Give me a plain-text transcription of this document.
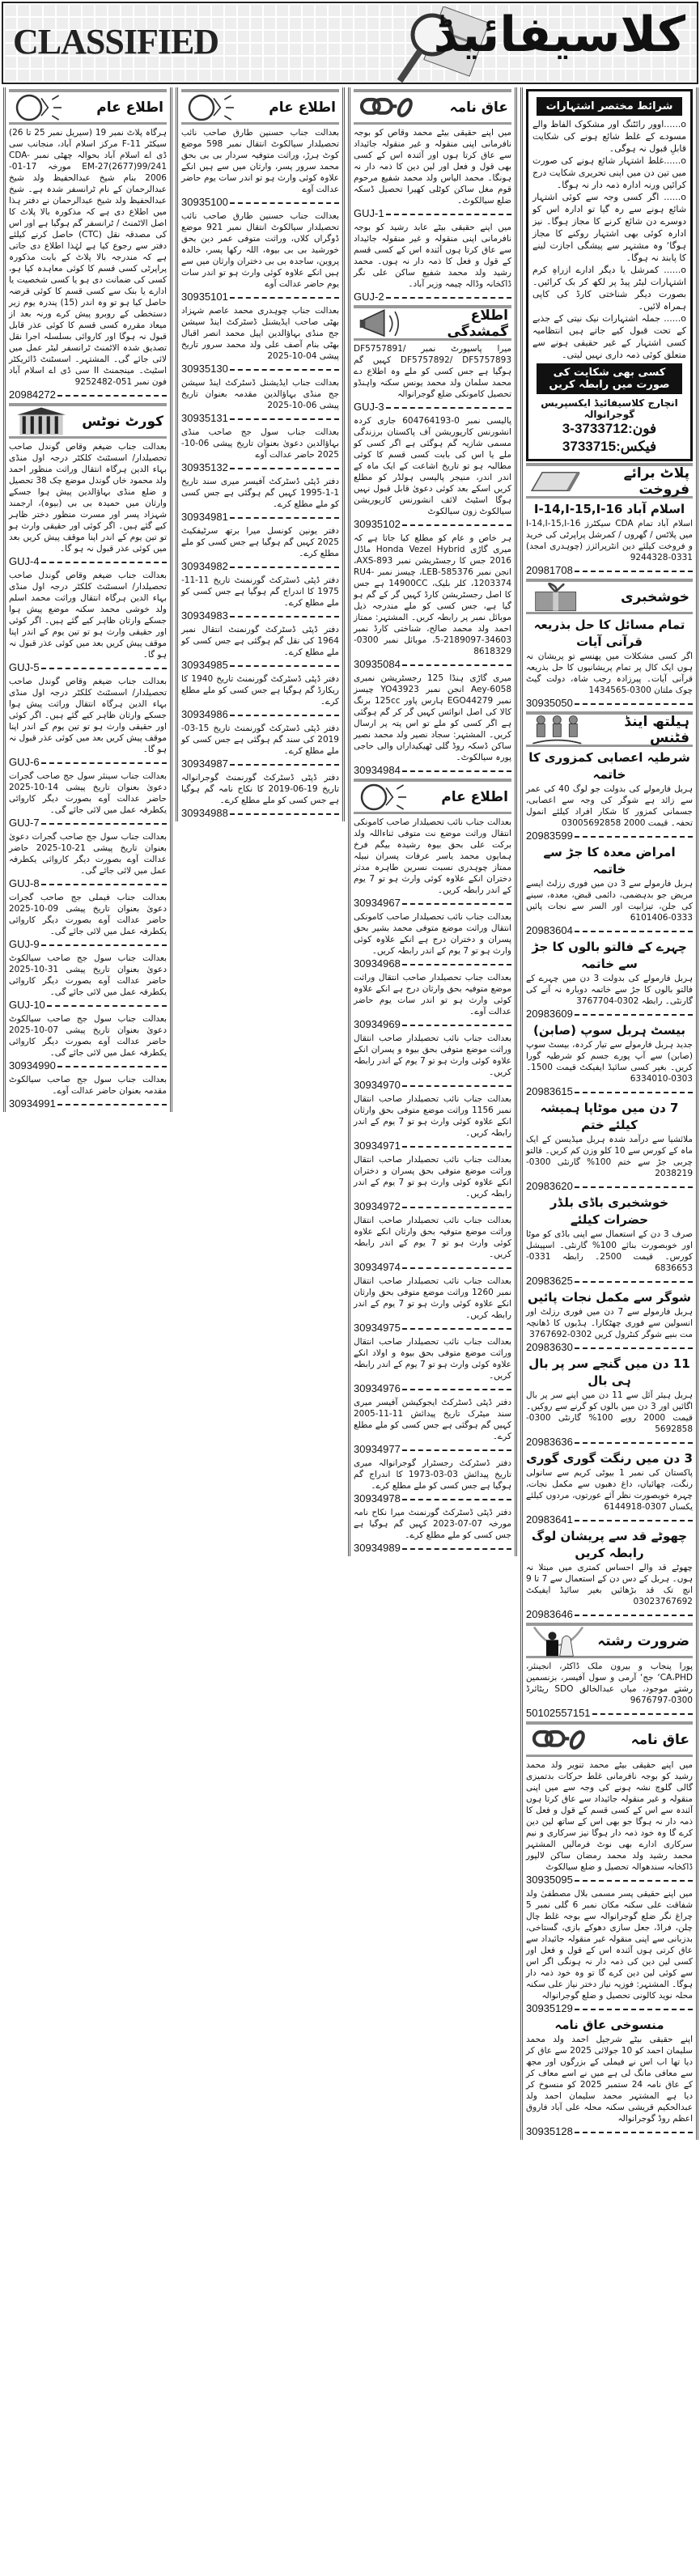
CLASSIFIED	کلاسیفائیڈ
شرائط مختصر اشتہارات
o......اوور رائٹنگ اور مشکوک الفاظ والے مسودے کے غلط شائع ہونے کی شکایت قابلِ قبول نہ ہوگی۔
o......غلط اشتہار شائع ہونے کی صورت میں تین دن میں اپنی تحریری شکایت درج کرائیں ورنہ ادارہ ذمہ دار نہ ہوگا۔
o...... اگر کسی وجہ سے کوئی اشتہار شائع ہونے سے رہ گیا تو ادارہ اس کو دوسرے دن شائع کرنے کا مجاز ہوگا۔ نیز ادارہ کوئی بھی اشتہار روکنے کا مجاز ہوگا‘ وہ مشتہر سے پیشگی اجازت لینے کا پابند نہ ہوگا۔
o...... کمرشل یا دیگر ادارے ازراہِ کرم اشتہارات لیٹر پیڈ پر لکھ کر بک کرائیں۔ بصورت دیگر شناختی کارڈ کی کاپی ہمراہ لائیں۔
o...... جملہ اشتہارات نیک نیتی کے جذبے کے تحت قبول کیے جاتے ہیں انتظامیہ کسی اشتہار کے غیر حقیقی ہونے سے متعلق کوئی ذمہ داری نہیں لیتی۔
کسی بھی شکایت کی صورت میں رابطہ کریں
انچارج کلاسیفائیڈ ایکسپریس گوجرانوالہ
فون:3733712-3
فیکس:3733715
پلاٹ برائے فروخت
اسلام آباد I-14,I-15,I-16
اسلام آباد تمام CDA سیکٹرز I-14,I-15,I-16 میں پلاٹس / گھروں / کمرشل پراپرٹی کی خرید و فروخت کیلئے دین انٹرپرائزز (چوہدری امجد) 0331-9244328
20981708
خوشخبری
تمام مسائل کا حل بذریعہ قرآنی آیات
اگر کسی مشکلات میں پھنسے تو پریشان نہ ہوں ایک کال پر تمام پریشانیوں کا حل بذریعہ قرآنی آیات۔ پیرزادہ رجب شاہ، دولت گیٹ چوک ملتان 0300-1434565
30935050
ہیلتھ اینڈ فٹنس
شرطیہ اعصابی کمزوری کا خاتمہ
ہربل فارمولے کی بدولت جو لوگ 40 کی عمر سے زائد ہے شوگر کی وجہ سے اعصابی، جسمانی کمزور کا شکار افراد کیلئے انمول تحفہ۔ قیمت 2000 03005692858
20983599
امراض معدہ کا جڑ سے خاتمہ
ہربل فارمولے سے 3 دن میں فوری رزلٹ ایسے مریض جو بدہضمی، دائمی قبض، معدہ، سینے کی جلن، تیزابیت اور السر سے نجات پائیں 0333-6101406
20983604
چہرے کے فالتو بالوں کا جڑ سے خاتمہ
ہربل فارمولے کی بدولت 3 دن میں چہرے کے فالتو بالوں کا جڑ سے خاتمہ دوبارہ نہ آنے کی گارنٹی۔ رابطہ 0302-3767704
20983609
بیسٹ ہربل سوپ (صابن)
جدید ہربل فارمولے سے تیار کردہ، بیسٹ سوپ (صابن) سے آپ پورے جسم کو شرطیہ گورا کریں۔ بغیر کسی سائیڈ ایفیکٹ قیمت 1500۔ 0303-6334010
20983615
7 دن میں موٹاپا ہمیشہ کیلئے ختم
ملائشیا سے درآمد شدہ ہربل میڈیسن کے ایک ماہ کے کورس سے 10 کلو وزن کم کریں۔ فالتو چربی جڑ سے ختم 100% گارنٹی 0300-2038219
20983620
خوشخبری باڈی بلڈر حضرات کیلئے
صرف 3 دن کے استعمال سے اپنی باڈی کو موٹا اور خوبصورت بنائے 100% گارنٹی۔ اسپیشل کورس۔ قیمت 2500۔ رابطہ 0331-6836653
20983625
شوگر سے مکمل نجات پائیں
ہربل فارمولے سے 7 دن میں فوری رزلٹ اور انسولین سے فوری چھٹکارا۔ ہڈیوں کا ڈھانچہ مت بنیے شوگر کنٹرول کریں 0302-3767692
20983630
11 دن میں گنجے سر پر بال ہی بال
ہربل ہیئر آئل سے 11 دن میں اپنے سر پر بال اگائیں اور 3 دن میں بالوں کو گرنے سے روکیں۔ قیمت 2000 روپے 100% گارنٹی 0300-5692858
20983636
3 دن میں رنگت گوری گوری
پاکستان کی نمبر 1 بیوٹی کریم سے سانولی رنگت، چھائیاں، داغ دھبوں سے مکمل نجات، چہرہ خوبصورت نظر آئے عورتوں، مردوں کیلئے یکساں 0307-6144918
20983641
چھوٹے قد سے پریشان لوگ رابطہ کریں
چھوٹے قد والے احساس کمتری میں مبتلا نہ ہوں۔ ہربل کے دس دن کے استعمال سے 7 تا 9 انچ تک قد بڑھائیں بغیر سائیڈ ایفیکٹ 03023767692
20983646
ضرورت رشتہ
پورا پنجاب و بیرون ملک ڈاکٹر، انجینئر، CA،PHD‘ جج‘ آرمی و سول آفیسر، بزنسمین رشتے موجود، میاں عبدالخالق SDO ریٹائرڈ 0300-9676797
50102557151
عاق نامہ
میں اپنے حقیقی بیٹے محمد تنویر ولد محمد رشید کو بوجہ نافرمانی غلط حرکات بدتمیزی گالی گلوچ نشہ ہونے کی وجہ سے میں اپنی منقولہ و غیر منقولہ جائیداد سے عاق کرتا ہوں آئندہ سے اس کے کسی قسم کے قول و فعل کا ذمہ دار نہ ہوگا جو بھی اس کے ساتھ لین دین کرے گا وہ خود ذمہ دار ہوگا نیز سرکاری و نیم سرکاری ادارے بھی نوٹ فرمالیں المشتہر محمد رشید ولد محمد رمضان ساکن لالپور ڈاکخانہ سندھوالہ تحصیل و ضلع سیالکوٹ
30935095
میں اپنے حقیقی پسر مسمی بلال مصطفیٰ ولد شفاقت علی سکنہ مکان نمبر 6 گلی نمبر 5 چراغ نگر ضلع گوجرانوالہ سے بوجہ غلط چال چلن، فراڈ، جعل سازی دھوکے بازی، گستاخی، بدزبانی سے اپنی منقولہ غیر منقولہ جائیداد سے عاق کرتی ہوں آئندہ اس کے قول و فعل اور کسی لین دین کی ذمہ دار نہ ہونگی اگر اس سے کوئی لین دین کرے گا تو وہ خود ذمہ دار ہوگا۔ المشتہر: فوزیہ نیاز دختر نیاز علی سکنہ محلہ نوید کالونی تحصیل و ضلع گوجرانوالہ
30935129
منسوخی عاق نامہ
اپنے حقیقی بیٹے شرجیل احمد ولد محمد سلیمان احمد کو 10 جولائی 2025 سے عاق کر دیا تھا اب اس نے فیملی کے بزرگوں اور مجھ سے معافی مانگ لی ہے میں نے اسے معاف کر کے عاق نامہ 24 ستمبر 2025 کو منسوخ کر دیا ہے المشتہر محمد سلیمان احمد ولد عبدالحکیم قریشی سکنہ محلہ علی آباد فاروق اعظم روڈ گوجرانوالہ
30935128
عاق نامہ
میں اپنے حقیقی بیٹے محمد وقاص کو بوجہ نافرمانی اپنی منقولہ و غیر منقولہ جائیداد سے عاق کرتا ہوں اور آئندہ اس کے کسی بھی قول و فعل اور لین دین کا ذمہ دار نہ ہونگا۔ محمد الیاس ولد محمد شفیع مرحوم قوم مغل ساکن کوٹلی کھیرا تحصیل ڈسکہ ضلع سیالکوٹ۔
GUJ-1
میں اپنے حقیقی بیٹے عابد رشید کو بوجہ نافرمانی اپنی منقولہ و غیر منقولہ جائیداد سے عاق کرتا ہوں آئندہ اس کے کسی قسم کے قول و فعل کا ذمہ دار نہ ہوں۔ محمد رشید ولد محمد شفیع ساکن علی نگر ڈاکخانہ وڈالہ چیمہ وزیر آباد۔
GUJ-2
اطلاع گمشدگی
میرا پاسپورٹ نمبر DF5757891/ DF5757892/ DF5757893 کہیں گم ہوگیا ہے جس کسی کو ملے وہ اطلاع دے محمد سلمان ولد محمد یونس سکنہ واہنڈو تحصیل کامونکی ضلع گوجرانوالہ
GUJ-3
پالیسی نمبر 0-604764193 جاری کردہ انشورنس کارپوریشن آف پاکستان برزندگی مسمی شازیہ گم ہوگئی ہے اگر کسی کو ملے یا اس کی بابت کسی قسم کا کوئی مطالبہ ہو تو تاریخ اشاعت کے ایک ماہ کے اندر اندر، منیجر پالیسی ہولڈر کو مطلع کریں اسکے بعد کوئی دعویٰ قابل قبول نہیں ہوگا اسٹیٹ لائف انشورنس کارپوریشن سیالکوٹ زون سیالکوٹ
30935102
ہر خاص و عام کو مطلع کیا جاتا ہے کہ میری گاڑی Honda Vezel Hybrid ماڈل 2016 جس کا رجسٹریشن نمبر AXS-893، انجن نمبر LEB-585376، چیسز نمبر RU4-1203374، کلر بلیک، 14900CC ہے جس کا اصل رجسٹریشن کارڈ کہیں گر کے گم ہو گیا ہے، جس کسی کو ملے مندرجہ ذیل موبائل نمبر پر رابطہ کریں۔ المشتہر: ممتاز احمد ولد محمد صالح، شناختی کارڈ نمبر 34603-2189097-5، موبائل نمبر 0300-8618329
30935084
میری گاڑی ہنڈا 125 رجسٹریشن نمبری Aey-6058 انجن نمبر YO43923 چیسز نمبر EGO44279 ہارس پاور 125cc برنگ کالا کی اصل انوائس کہیں گر کر گم ہوگئی ہے اگر کسی کو ملے تو اس پتہ پر ارسال کریں۔ المشتہر: سجاد نصیر ولد محمد نصیر ساکن ڈسکہ روڈ گلی ٹھیکیداراں والی حاجی پورہ سیالکوٹ۔
30934984
اطلاع عام
بعدالت جناب نائب تحصیلدار صاحب کامونکی انتقال وراثت موضع نت متوفی ثناءاللہ ولد برکت علی بحق بیوہ رشیدہ بیگم فرخ ہمایوں محمد یاسر عرفات پسران نبیلہ ممتاز چوہدری نسبت نسرین طاہرہ مدثر دختران انکے علاوہ کوئی وارث ہو تو 7 یوم کے اندر رابطہ کریں۔
30934967
بعدالت جناب نائب تحصیلدار صاحب کامونکی انتقال وراثت موضع متوفی محمد بشیر بحق پسران و دختران درج ہے انکے علاوہ کوئی وارث ہو تو 7 یوم کے اندر رابطہ کریں۔
30934968
بعدالت جناب تحصیلدار صاحب انتقال وراثت موضع متوفیہ بحق وارثان درج ہے انکے علاوہ کوئی وارث ہو تو اندر سات یوم حاضر عدالت آوے۔
30934969
بعدالت جناب نائب تحصیلدار صاحب انتقال وراثت موضع متوفی بحق بیوہ و پسران انکے علاوہ کوئی وارث ہو تو 7 یوم کے اندر رابطہ کریں۔
30934970
بعدالت جناب نائب تحصیلدار صاحب انتقال نمبر 1156 وراثت موضع متوفی بحق وارثان انکے علاوہ کوئی وارث ہو تو 7 یوم کے اندر رابطہ کریں۔
30934971
بعدالت جناب نائب تحصیلدار صاحب انتقال وراثت موضع متوفی بحق پسران و دختران انکے علاوہ کوئی وارث ہو تو 7 یوم کے اندر رابطہ کریں۔
30934972
بعدالت جناب نائب تحصیلدار صاحب انتقال وراثت موضع متوفیہ بحق وارثان انکے علاوہ کوئی وارث ہو تو 7 یوم کے اندر رابطہ کریں۔
30934974
بعدالت جناب نائب تحصیلدار صاحب انتقال نمبر 1260 وراثت موضع متوفی بحق وارثان انکے علاوہ کوئی وارث ہو تو 7 یوم کے اندر رابطہ کریں۔
30934975
بعدالت جناب نائب تحصیلدار صاحب انتقال وراثت موضع متوفی بحق بیوہ و اولاد انکے علاوہ کوئی وارث ہو تو 7 یوم کے اندر رابطہ کریں۔
30934976
دفتر ڈپٹی ڈسٹرکٹ ایجوکیشن آفیسر میری سند میٹرک تاریخ پیدائش 11-11-2005 کہیں گم ہوگئی ہے جس کسی کو ملے مطلع کرے۔
30934977
دفتر ڈسٹرکٹ رجسٹرار گوجرانوالہ میری تاریخ پیدائش 03-03-1973 کا اندراج گم ہوگیا ہے جس کسی کو ملے مطلع کرے۔
30934978
دفتر ڈپٹی ڈسٹرکٹ گورنمنٹ میرا نکاح نامہ مورخہ 07-07-2023 کہیں گم ہوگیا ہے جس کسی کو ملے مطلع کرے۔
30934989
اطلاع عام
بعدالت جناب حسنین طارق صاحب نائب تحصیلدار سیالکوٹ انتقال نمبر 598 موضع کوٹ ہرڑ، وراثت متوفیہ سردار بی بی بحق محمد سرور پسر، وارثان میں سے ہیں انکے علاوہ کوئی وارث ہو تو اندر سات یوم حاضر عدالت آوے
30935100
بعدالت جناب حسنین طارق صاحب نائب تحصیلدار سیالکوٹ انتقال نمبر 921 موضع ڈوگراں کلاں، وراثت متوفی عمر دین بحق خورشید بی بی بیوہ، اللہ رکھا پسر، خالدہ پروین، ساجدہ بی بی دختران وارثان میں سے ہیں انکے علاوہ کوئی وارث ہو تو اندر سات یوم حاضر عدالت آوے
30935101
بعدالت جناب چوہدری محمد عاصم شہزاد بھٹی صاحب ایڈیشنل ڈسٹرکٹ اینڈ سیشن جج منڈی بہاؤالدین اپیل محمد انصر اقبال بھٹی بنام آصف علی ولد محمد سرور تاریخ پیشی 04-10-2025
30935130
بعدالت جناب ایڈیشنل ڈسٹرکٹ اینڈ سیشن جج منڈی بہاؤالدین مقدمہ بعنوان تاریخ پیشی 06-10-2025
30935131
بعدالت جناب سول جج صاحب منڈی بہاؤالدین دعویٰ بعنوان تاریخ پیشی 06-10-2025 حاضر عدالت آوے
30935132
دفتر ڈپٹی ڈسٹرکٹ آفیسر میری سند تاریخ 1-1-1995 کہیں گم ہوگئی ہے جس کسی کو ملے مطلع کرے۔
30934981
دفتر یونین کونسل میرا برتھ سرٹیفکیٹ 2025 کہیں گم ہوگیا ہے جس کسی کو ملے مطلع کرے۔
30934982
دفتر ڈپٹی ڈسٹرکٹ گورنمنٹ تاریخ 11-11-1975 کا اندراج گم ہوگیا ہے جس کسی کو ملے مطلع کرے۔
30934983
دفتر ڈپٹی ڈسٹرکٹ گورنمنٹ انتقال نمبر 1964 کی نقل گم ہوگئی ہے جس کسی کو ملے مطلع کرے۔
30934985
دفتر ڈپٹی ڈسٹرکٹ گورنمنٹ تاریخ 1940 کا ریکارڈ گم ہوگیا ہے جس کسی کو ملے مطلع کرے۔
30934986
دفتر ڈپٹی ڈسٹرکٹ گورنمنٹ تاریخ 15-03-2019 کی سند گم ہوگئی ہے جس کسی کو ملے مطلع کرے۔
30934987
دفتر ڈپٹی ڈسٹرکٹ گورنمنٹ گوجرانوالہ تاریخ 19-06-2019 کا نکاح نامہ گم ہوگیا ہے جس کسی کو ملے مطلع کرے۔
30934988
اطلاع عام
ہرگاہ پلاٹ نمبر 19 (سیریل نمبر 25 تا 26) سیکٹر F-11 مرکز اسلام آباد، منجانب سی ڈی اے اسلام آباد بحوالہ چھٹی نمبر CDA-EM-27(2677)99/241 مورخہ 17-01-2006 بنام شیخ عبدالحفیظ ولد شیخ عبدالرحمان کے نام ٹرانسفر شدہ ہے۔ شیخ عبدالحفیظ ولد شیخ عبدالرحمان نے دفتر ہذا میں اطلاع دی ہے کہ مذکورہ بالا پلاٹ کا اصل الاٹمنٹ / ٹرانسفر گم ہوگیا ہے اور اس کی مصدقہ نقل (CTC) حاصل کرنے کیلئے دفتر سے رجوع کیا ہے لہٰذا اطلاع دی جاتی ہے کہ مندرجہ بالا پلاٹ کے بابت مذکورہ پراپرٹی کسی قسم کا کوئی معاہدہ کیا ہو، کسی کی ضمانت دی ہو یا کسی شخصیت یا ادارے یا بنک سے کسی قسم کا کوئی قرضہ حاصل کیا ہو تو وہ اندر (15) پندرہ یوم زیر دستخطی کے روبرو پیش کرے ورنہ بعد از میعاد مقررہ کسی قسم کا کوئی عذر قابل قبول نہ ہوگا اور کاروائی بسلسلہ اجرا نقل تصدیق شدہ الاٹمنٹ ٹرانسفر لیٹر عمل میں لائی جائے گی۔ المشتہر۔ اسسٹنٹ ڈائریکٹر اسٹیٹ۔ مینجمنٹ II سی ڈی اے اسلام آباد فون نمبر 051-9252482
20984272
کورٹ نوٹس
بعدالت جناب ضیغم وقاص گوندل صاحب تحصیلدار/ اسسٹنٹ کلکٹر درجہ اول منڈی بہاء الدین ہرگاہ انتقال وراثت منظور احمد ولد محمود خاں گوندل موضع چک 38 تحصیل و ضلع منڈی بہاؤالدین پیش ہوا جسکے وارثان میں حمیدہ بی بی (بیوہ)، ارجمند شہزاد پسر اور مسرت منظور دختر ظاہر کیے گئے ہیں۔ اگر کوئی اور حقیقی وارث ہو تو تین یوم کے اندر اپنا موقف پیش کریں بعد میں کوئی عذر قبول نہ ہو گا۔
GUJ-4
بعدالت جناب ضیغم وقاص گوندل صاحب تحصیلدار/ اسسٹنٹ کلکٹر درجہ اول منڈی بہاء الدین ہرگاہ انتقال وراثت محمد اسلم ولد خوشی محمد سکنہ موضع پیش ہوا جسکے وارثان ظاہر کیے گئے ہیں۔ اگر کوئی اور حقیقی وارث ہو تو تین یوم کے اندر اپنا موقف پیش کریں بعد میں کوئی عذر قبول نہ ہو گا۔
GUJ-5
بعدالت جناب ضیغم وقاص گوندل صاحب تحصیلدار/ اسسٹنٹ کلکٹر درجہ اول منڈی بہاء الدین ہرگاہ انتقال وراثت پیش ہوا جسکے وارثان ظاہر کیے گئے ہیں۔ اگر کوئی اور حقیقی وارث ہو تو تین یوم کے اندر اپنا موقف پیش کریں بعد میں کوئی عذر قبول نہ ہو گا۔
GUJ-6
بعدالت جناب سینئر سول جج صاحب گجرات دعویٰ بعنوان تاریخ پیشی 14-10-2025 حاضر عدالت آوے بصورت دیگر کاروائی یکطرفہ عمل میں لائی جائے گی۔
GUJ-7
بعدالت جناب سول جج صاحب گجرات دعویٰ بعنوان تاریخ پیشی 21-10-2025 حاضر عدالت آوے بصورت دیگر کاروائی یکطرفہ عمل میں لائی جائے گی۔
GUJ-8
بعدالت جناب فیملی جج صاحب گجرات دعویٰ بعنوان تاریخ پیشی 09-10-2025 حاضر عدالت آوے بصورت دیگر کاروائی یکطرفہ عمل میں لائی جائے گی۔
GUJ-9
بعدالت جناب سول جج صاحب سیالکوٹ دعویٰ بعنوان تاریخ پیشی 31-10-2025 حاضر عدالت آوے بصورت دیگر کاروائی یکطرفہ عمل میں لائی جائے گی۔
GUJ-10
بعدالت جناب سول جج صاحب سیالکوٹ دعویٰ بعنوان تاریخ پیشی 07-10-2025 حاضر عدالت آوے بصورت دیگر کاروائی یکطرفہ عمل میں لائی جائے گی۔
30934990
بعدالت جناب سول جج صاحب سیالکوٹ مقدمہ بعنوان حاضر عدالت آوے۔
30934991
